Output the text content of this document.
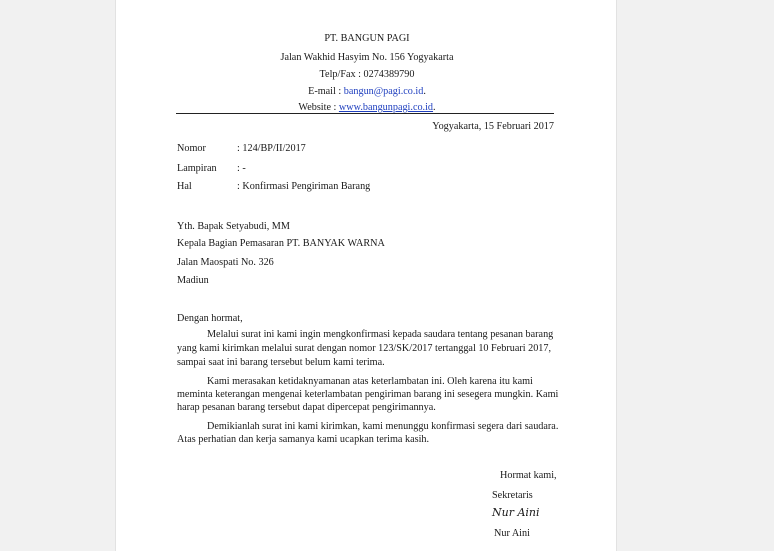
PT. BANGUN PAGI
Jalan Wakhid Hasyim No. 156 Yogyakarta
Telp/Fax : 0274389790
E-mail : bangun@pagi.co.id.
Website : www.bangunpagi.co.id.
Yogyakarta, 15 Februari 2017
Nomor	: 124/BP/II/2017
Lampiran : -
Hal	: Konfirmasi Pengiriman Barang
Yth. Bapak Setyabudi, MM
Kepala Bagian Pemasaran PT. BANYAK WARNA
Jalan Maospati No. 326
Madiun
Dengan hormat,
Melalui surat ini kami ingin mengkonfirmasi kepada saudara tentang pesanan barang
yang kami kirimkan melalui surat dengan nomor 123/SK/2017 tertanggal 10 Februari 2017,
sampai saat ini barang tersebut belum kami terima.
Kami merasakan ketidaknyamanan atas keterlambatan ini. Oleh karena itu kami
meminta keterangan mengenai keterlambatan pengiriman barang ini sesegera mungkin. Kami
harap pesanan barang tersebut dapat dipercepat pengirimannya.
Demikianlah surat ini kami kirimkan, kami menunggu konfirmasi segera dari saudara.
Atas perhatian dan kerja samanya kami ucapkan terima kasih.
Hormat kami,
Sekretaris
Nur Aini
Nur Aini
